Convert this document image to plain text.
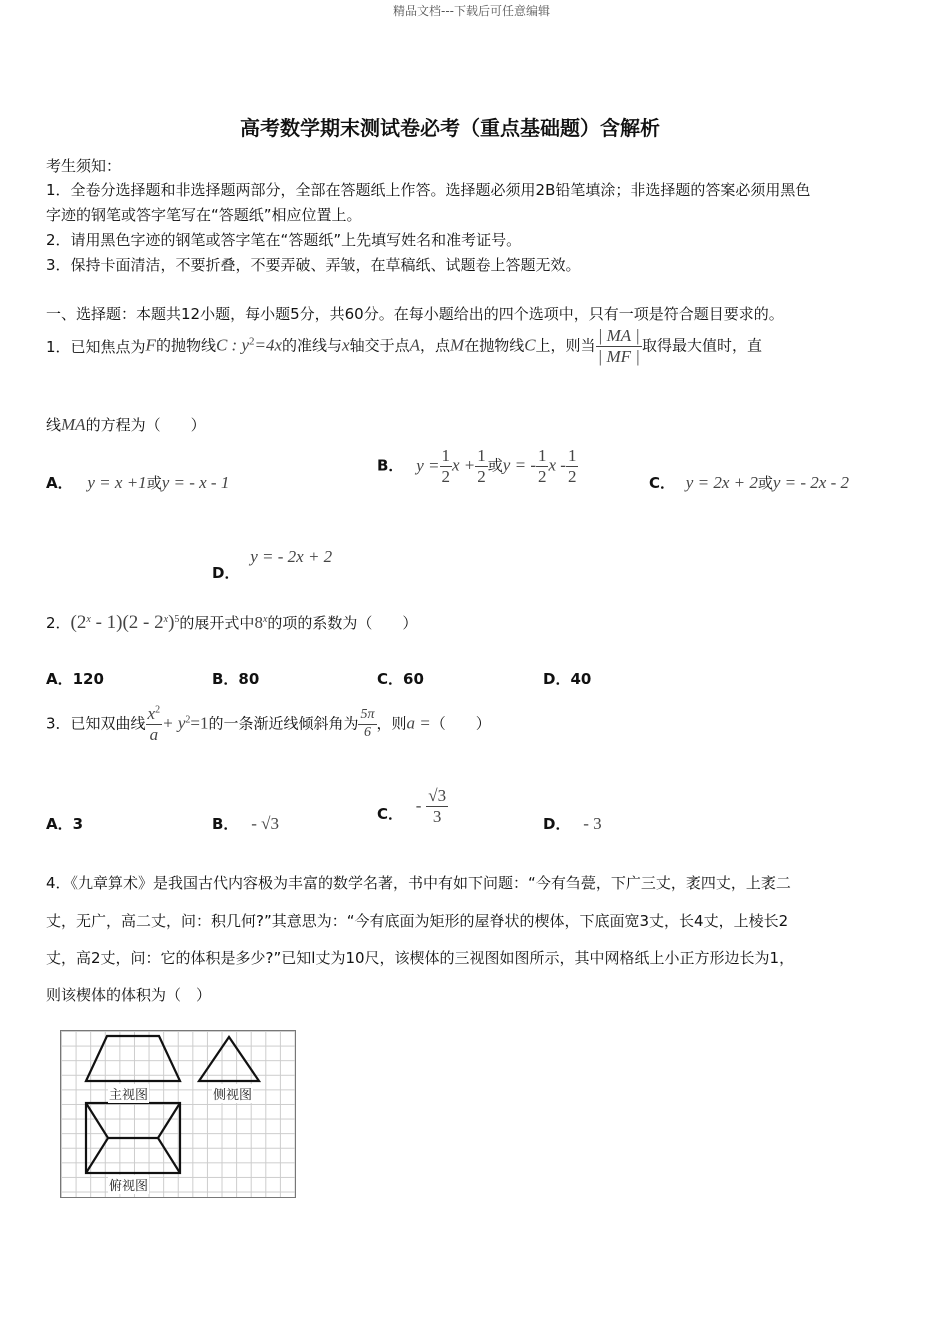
精品文档---下载后可任意编辑
高考数学期末测试卷必考（重点基础题）含解析
考生须知：
1．全卷分选择题和非选择题两部分，全部在答题纸上作答。选择题必须用2B铅笔填涂；非选择题的答案必须用黑色
字迹的钢笔或答字笔写在“答题纸”相应位置上。
2．请用黑色字迹的钢笔或答字笔在“答题纸”上先填写姓名和准考证号。
3．保持卡面清洁，不要折叠，不要弄破、弄皱，在草稿纸、试题卷上答题无效。
一、选择题：本题共12小题，每小题5分，共60分。在每小题给出的四个选项中，只有一项是符合题目要求的。
1．已知焦点为F的抛物线C : $y^2=4x$的准线与x轴交于点A，点M在抛物线C上，则当 $\frac{| MA |}{| MF |}$ 取得最大值时，直
线MA的方程为（　　）
A． y = x +1或y = - x - 1
B． $y = \frac{1}{2}$ $x + \frac{1}{2}$ 或y = - $\frac{1}{2}$ x - $\frac{1}{2}$	C． y = 2x + 2或y = - 2x - 2
D． y = - 2x + 2
2．(2$^x$ - 1)(2 - 2$^x$)$^5$的展开式中8$^x$的项的系数为（　　）
A．120	B．80	C．60	D．40
3．已知双曲线 $\frac{x^2}{a} + y^2=1$的一条渐近线倾斜角为 $\frac{5\pi}{6}$ ，则a =（　　）
A．3	B． - √3
C． - $\frac{√3}{3}$	D． - 3
4．《九章算术》是我国古代内容极为丰富的数学名著，书中有如下问题：“今有刍甍，下广三丈，袤四丈，上袤二
丈，无广，高二丈，问：积几何?”其意思为：“今有底面为矩形的屋脊状的楔体，下底面宽3丈，长4丈，上棱长2
丈，高2丈，问：它的体积是多少?”已知l丈为10尺，该楔体的三视图如图所示，其中网格纸上小正方形边长为1，
则该楔体的体积为（　）
主视图	侧视图
俯视图
